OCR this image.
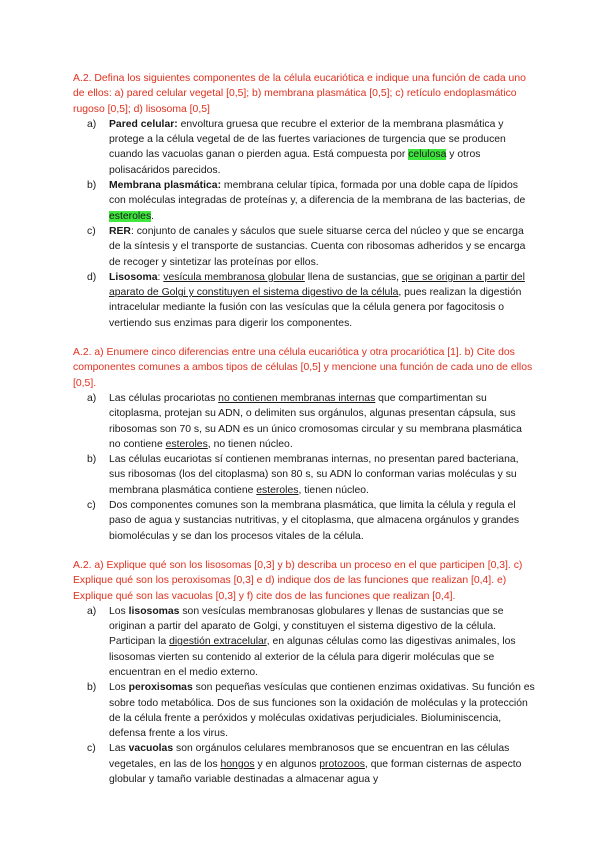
A.2. Defina los siguientes componentes de la célula eucariótica e indique una función de cada uno de ellos: a) pared celular vegetal [0,5]; b) membrana plasmática [0,5]; c) retículo endoplasmático rugoso [0,5]; d) lisosoma [0,5]

a) Pared celular: envoltura gruesa que recubre el exterior de la membrana plasmática y protege a la célula vegetal de de las fuertes variaciones de turgencia que se producen cuando las vacuolas ganan o pierden agua. Está compuesta por celulosa y otros polisacáridos parecidos.
b) Membrana plasmática: membrana celular típica, formada por una doble capa de lípidos con moléculas integradas de proteínas y, a diferencia de la membrana de las bacterias, de esteroles.
c) RER: conjunto de canales y sáculos que suele situarse cerca del núcleo y que se encarga de la síntesis y el transporte de sustancias. Cuenta con ribosomas adheridos y se encarga de recoger y sintetizar las proteínas por ellos.
d) Lisosoma: vesícula membranosa globular llena de sustancias, que se originan a partir del aparato de Golgi y constituyen el sistema digestivo de la célula, pues realizan la digestión intracelular mediante la fusión con las vesículas que la célula genera por fagocitosis o vertiendo sus enzimas para digerir los componentes.

A.2. a) Enumere cinco diferencias entre una célula eucariótica y otra procariótica [1]. b) Cite dos componentes comunes a ambos tipos de células [0,5] y mencione una función de cada uno de ellos [0,5].

a) Las células procariotas no contienen membranas internas que compartimentan su citoplasma, protejan su ADN, o delimiten sus orgánulos, algunas presentan cápsula, sus ribosomas son 70 s, su ADN es un único cromosomas circular y su membrana plasmática no contiene esteroles, no tienen núcleo.
b) Las células eucariotas sí contienen membranas internas, no presentan pared bacteriana, sus ribosomas (los del citoplasma) son 80 s, su ADN lo conforman varias moléculas y su membrana plasmática contiene esteroles, tienen núcleo.
c) Dos componentes comunes son la membrana plasmática, que limita la célula y regula el paso de agua y sustancias nutritivas, y el citoplasma, que almacena orgánulos y grandes biomoléculas y se dan los procesos vitales de la célula.

A.2. a) Explique qué son los lisosomas [0,3] y b) describa un proceso en el que participen [0,3]. c) Explique qué son los peroxisomas [0,3] e d) indique dos de las funciones que realizan [0,4]. e) Explique qué son las vacuolas [0,3] y f) cite dos de las funciones que realizan [0,4].

a) Los lisosomas son vesículas membranosas globulares y llenas de sustancias que se originan a partir del aparato de Golgi, y constituyen el sistema digestivo de la célula. Participan la digestión extracelular, en algunas células como las digestivas animales, los lisosomas vierten su contenido al exterior de la célula para digerir moléculas que se encuentran en el medio externo.
b) Los peroxisomas son pequeñas vesículas que contienen enzimas oxidativas. Su función es sobre todo metabólica. Dos de sus funciones son la oxidación de moléculas y la protección de la célula frente a peróxidos y moléculas oxidativas perjudiciales. Bioluminiscencia, defensa frente a los virus.
c) Las vacuolas son orgánulos celulares membranosos que se encuentran en las células vegetales, en las de los hongos y en algunos protozoos, que forman cisternas de aspecto globular y tamaño variable destinadas a almacenar agua y
